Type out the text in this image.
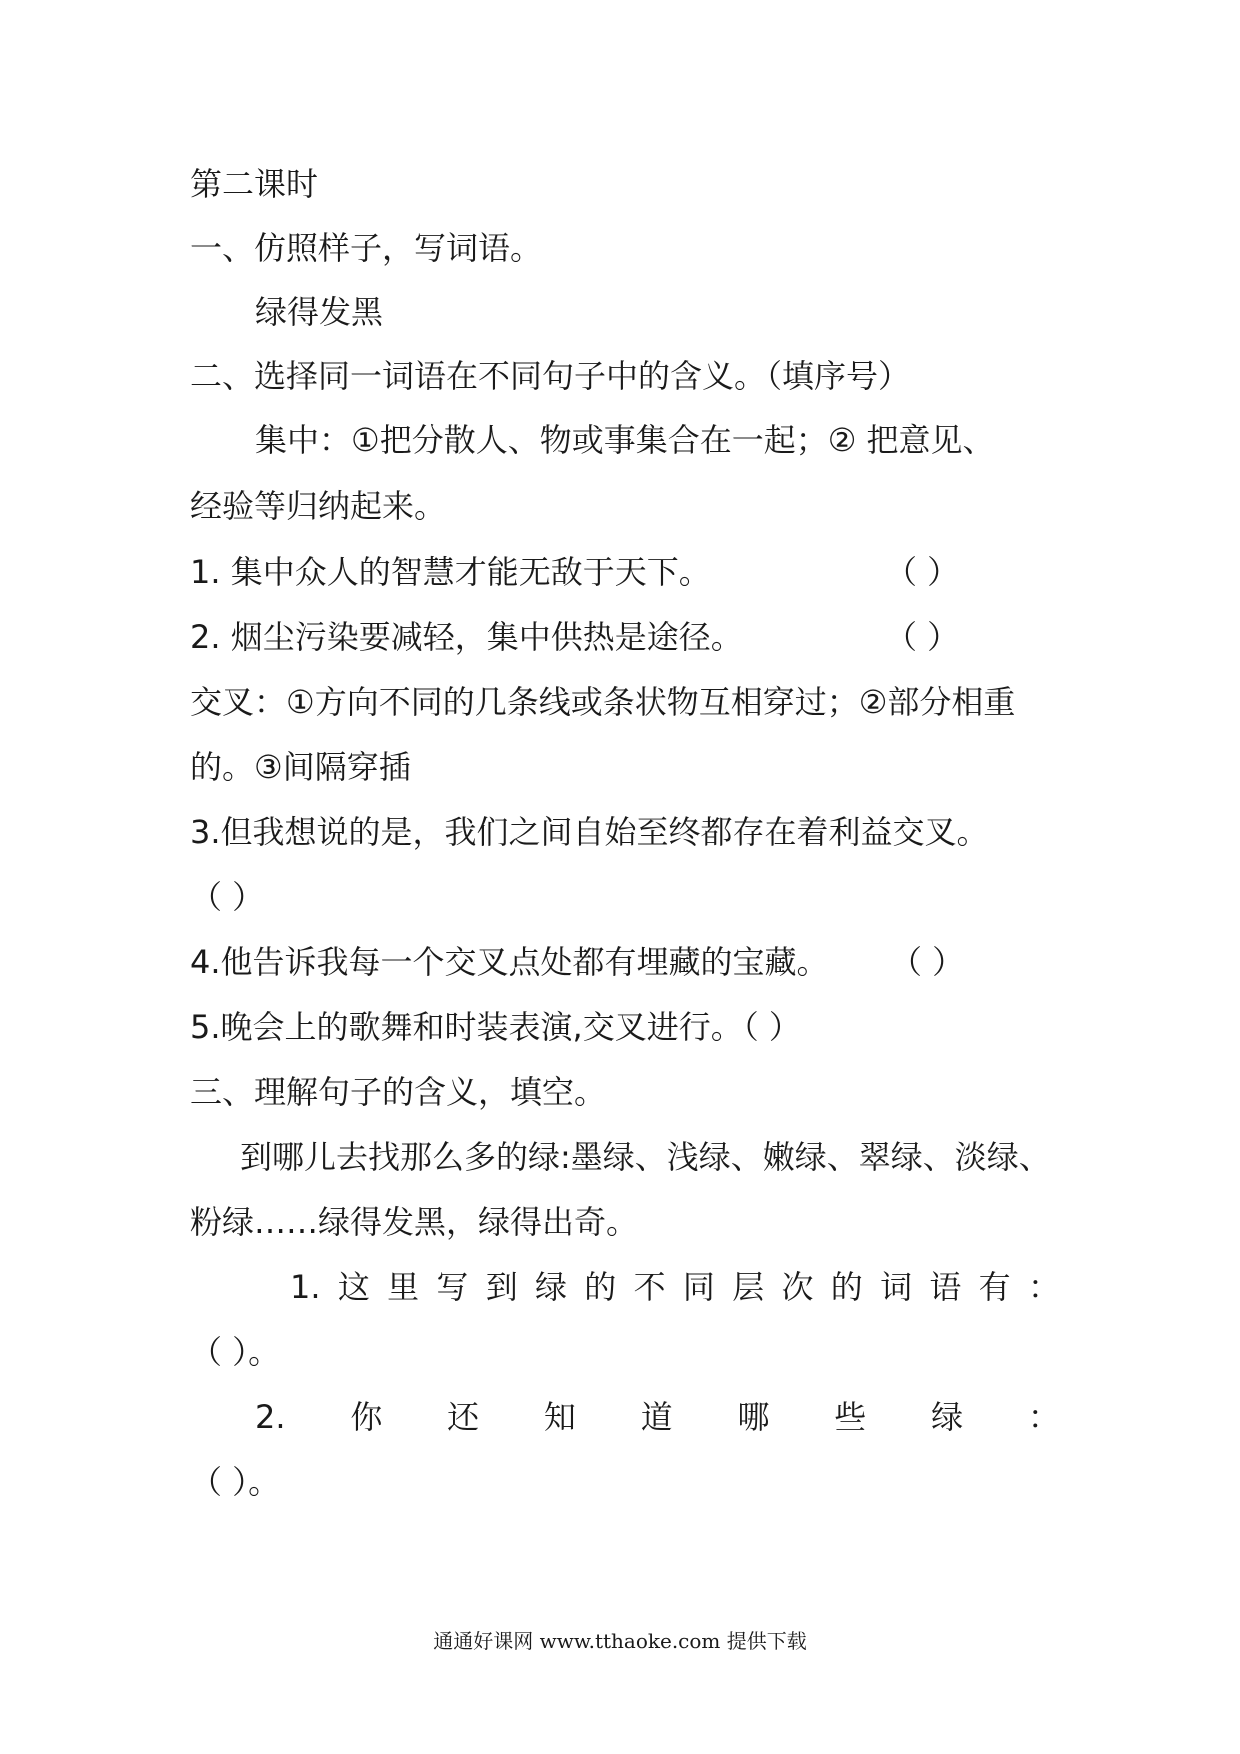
第二课时
一、仿照样子，写词语。
绿得发黑
二、选择同一词语在不同句子中的含义。（填序号）
集中：①把分散人、物或事集合在一起；② 把意见、
经验等归纳起来。
1. 集中众人的智慧才能无敌于天下。	（ ）
2. 烟尘污染要减轻，集中供热是途径。	（ ）
交叉：①方向不同的几条线或条状物互相穿过；②部分相重
的。③间隔穿插
3.但我想说的是，我们之间自始至终都存在着利益交叉。
（ ）
4.他告诉我每一个交叉点处都有埋藏的宝藏。 （ ）
5.晚会上的歌舞和时装表演,交叉进行。（ ）
三、理解句子的含义，填空。
到哪儿去找那么多的绿:墨绿、浅绿、嫩绿、翠绿、淡绿、
粉绿……绿得发黑，绿得出奇。
1. 这 里 写 到 绿 的 不 同 层 次 的 词 语 有 ：
（ ）。
2. 你 还 知 道 哪 些 绿 ：
（ ）。
通通好课网 www.tthaoke.com 提供下载
